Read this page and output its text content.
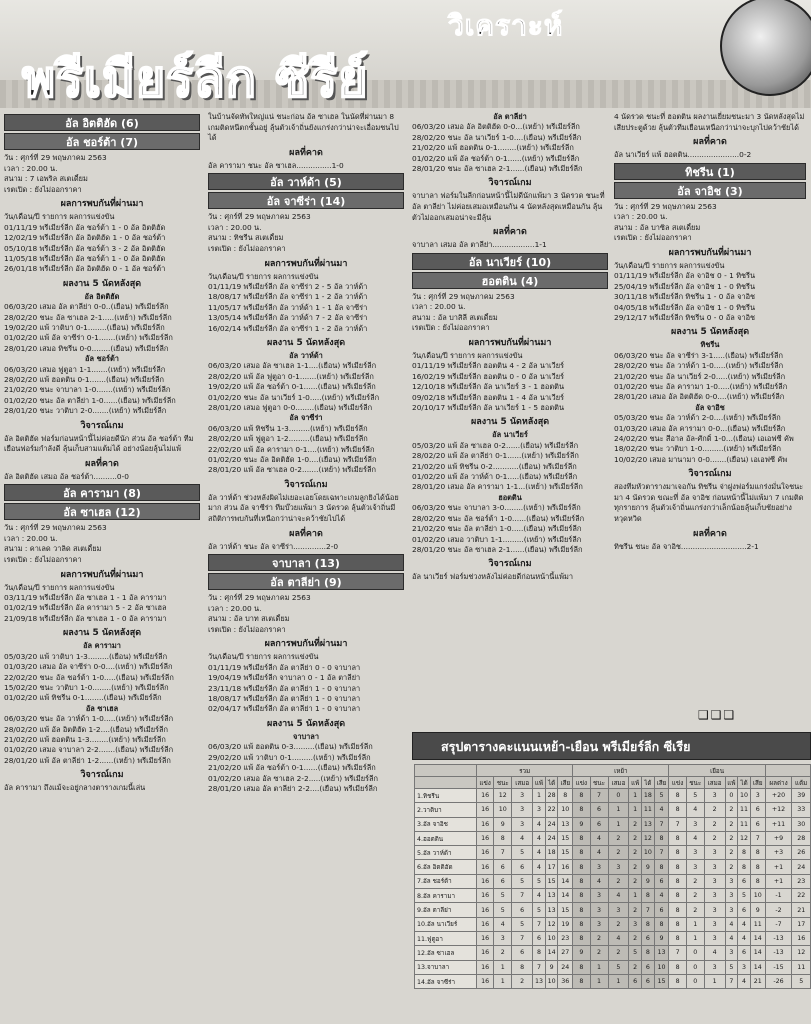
วิเคราะห์
พรีเมียร์ลีก ซีรีย์
อัล อิตติฮัด (6)
อัล ชอร์ต้า (7)
วัน : ศุกร์ที่ 29 พฤษภาคม 2563
เวลา : 20.00 น.
สนาม : 7 เอพริล สเตเดี้ยม
เรตเปิด : ยังไม่ออกราคา
ผลการพบกันที่ผ่านมา
วัน/เดือน/ปี รายการ ผลการแข่งขัน
01/11/19 พรีเมียร์ลีก อัล ชอร์ต้า 1 - 0 อัล อิตติฮัด
12/02/19 พรีเมียร์ลีก อัล อิตติฮัด 1 - 0 อัล ชอร์ต้า
05/10/18 พรีเมียร์ลีก อัล ชอร์ต้า 3 - 2 อัล อิตติฮัด
11/05/18 พรีเมียร์ลีก อัล ชอร์ต้า 1 - 0 อัล อิตติฮัด
26/01/18 พรีเมียร์ลีก อัล อิตติฮัด 0 - 1 อัล ชอร์ต้า
ผลงาน 5 นัดหลังสุด
อัล อิตติฮัด
06/03/20 เสมอ อัล ตาลีย่า 0-0..(เยือน) พรีเมียร์ลีก
28/02/20 ชนะ อัล ซาเฮล 2-1.....(เหย้า) พรีเมียร์ลีก
19/02/20 แพ้ วาติบา 0-1........(เยือน) พรีเมียร์ลีก
01/02/20 แพ้ อัล จาซีร่า 0-1.......(เหย้า) พรีเมียร์ลีก
28/01/20 เสมอ ทิชรีน 0-0........(เยือน) พรีเมียร์ลีก
อัล ชอร์ต้า
06/03/20 เสมอ ฟูตูอา 1-1.......(เหย้า) พรีเมียร์ลีก
28/02/20 แพ้ ฮอตติน 0-1.......(เยือน) พรีเมียร์ลีก
21/02/20 ชนะ จาบาลา 1-0.......(เหย้า) พรีเมียร์ลีก
01/02/20 ชนะ อัล ตาลีย่า 1-0......(เยือน) พรีเมียร์ลีก
28/01/20 ชนะ วาติบา 2-0.......(เหย้า) พรีเมียร์ลีก
วิจารณ์เกม
อัล อิตติฮัด ฟอร์มก่อนหน้านี้ไม่ค่อยดีนัก ส่วน อัล ชอร์ต้า ทีมเยือนฟอร์มกำลังดี ลุ้นเก็บสามแต้มได้ อย่างน้อยลุ้นไม่แพ้
ผลที่คาด
อัล อิตติฮัด เสมอ อัล ชอร์ต้า..........0-0
อัล คารามา (8)
อัล ซาเฮล (12)
วัน : ศุกร์ที่ 29 พฤษภาคม 2563
เวลา : 20.00 น.
สนาม : คาเลด วาลิด สเตเดี้ยม
เรตเปิด : ยังไม่ออกราคา
ผลการพบกันที่ผ่านมา
วัน/เดือน/ปี รายการ ผลการแข่งขัน
03/11/19 พรีเมียร์ลีก อัล ซาเฮล 1 - 1 อัล คารามา
01/02/19 พรีเมียร์ลีก อัล คารามา 5 - 2 อัล ซาเฮล
21/09/18 พรีเมียร์ลีก อัล ซาเฮล 1 - 0 อัล คารามา
ผลงาน 5 นัดหลังสุด
อัล คารามา
05/03/20 แพ้ วาติบา 1-3.........(เยือน) พรีเมียร์ลีก
01/03/20 เสมอ อัล จาซีร่า 0-0....(เหย้า) พรีเมียร์ลีก
22/02/20 ชนะ อัล ชอร์ต้า 1-0.....(เยือน) พรีเมียร์ลีก
15/02/20 ชนะ วาติบา 1-0........(เหย้า) พรีเมียร์ลีก
01/02/20 แพ้ ทิชรีน 0-1........(เยือน) พรีเมียร์ลีก
อัล ซาเฮล
06/03/20 ชนะ อัล วาห์ด้า 1-0.....(เหย้า) พรีเมียร์ลีก
28/02/20 แพ้ อัล อิตติฮัด 1-2....(เยือน) พรีเมียร์ลีก
21/02/20 แพ้ ฮอตติน 1-3........(เหย้า) พรีเมียร์ลีก
01/02/20 เสมอ จาบาลา 2-2.......(เยือน) พรีเมียร์ลีก
28/01/20 แพ้ อัล ตาลีย่า 1-2......(เหย้า) พรีเมียร์ลีก
วิจารณ์เกม
อัล คารามา ถึงแม้จะอยู่กลางตารางเกมนี้เล่น
ในบ้านจัดทัพใหญ่แน่ ชนะก่อน อัล ซาเฮล ในนัดที่ผ่านมา 8 เกมติดหนีตกชั้นอยู่ ลุ้นตัวเจ้าถิ่นยังแกร่งกว่าน่าจะเอื่อมชนไปได้
ผลที่คาด
อัล คารามา ชนะ อัล ซาเฮล...............1-0
อัล วาห์ด้า (5)
อัล จาซีร่า (14)
วัน : ศุกร์ที่ 29 พฤษภาคม 2563
เวลา : 20.00 น.
สนาม : ทิชรีน สเตเดี้ยม
เรตเปิด : ยังไม่ออกราคา
ผลการพบกันที่ผ่านมา
วัน/เดือน/ปี รายการ ผลการแข่งขัน
01/11/19 พรีเมียร์ลีก อัล จาซีร่า 2 - 5 อัล วาห์ด้า
18/08/17 พรีเมียร์ลีก อัล จาซีร่า 1 - 2 อัล วาห์ด้า
11/05/17 พรีเมียร์ลีก อัล วาห์ด้า 1 - 1 อัล จาซีร่า
13/05/14 พรีเมียร์ลีก อัล วาห์ด้า 7 - 2 อัล จาซีร่า
16/02/14 พรีเมียร์ลีก อัล จาซีร่า 1 - 2 อัล วาห์ด้า
ผลงาน 5 นัดหลังสุด
อัล วาห์ด้า
06/03/20 เสมอ อัล ซาเฮล 1-1....(เยือน) พรีเมียร์ลีก
28/02/20 แพ้ อัล ฟูตูอา 0-1.......(เหย้า) พรีเมียร์ลีก
19/02/20 แพ้ อัล ชอร์ต้า 0-1......(เยือน) พรีเมียร์ลีก
01/02/20 ชนะ อัล นาเวียร์ 1-0.....(เหย้า) พรีเมียร์ลีก
28/01/20 เสมอ ฟูตูอา 0-0........(เยือน) พรีเมียร์ลีก
อัล จาซีร่า
06/03/20 แพ้ ทิชรีน 1-3.........(เหย้า) พรีเมียร์ลีก
28/02/20 แพ้ ฟูตูอา 1-2.........(เยือน) พรีเมียร์ลีก
22/02/20 แพ้ อัล คารามา 0-1....(เหย้า) พรีเมียร์ลีก
01/02/20 ชนะ อัล อิตติฮัด 1-0....(เยือน) พรีเมียร์ลีก
28/01/20 แพ้ อัล ซาเฮล 0-2.......(เหย้า) พรีเมียร์ลีก
วิจารณ์เกม
อัล วาห์ด้า ช่วงหลังผิดไม่เยอะเอยโดยเฉพาะเกมลูกยิงได้น้อยมาก ส่วน อัล จาซีร่า ทีมบ๊วยแพ้มา 3 นัดรวด ลุ้นตัวเจ้าถิ่นมีสถิติการพบกันที่เหนือกว่าน่าจะคว้าชัยไปได้
ผลที่คาด
อัล วาห์ด้า ชนะ อัล จาซีร่า..............2-0
จาบาลา (13)
อัล ตาลีย่า (9)
วัน : ศุกร์ที่ 29 พฤษภาคม 2563
เวลา : 20.00 น.
สนาม : อัล บาท สเตเดี้ยม
เรตเปิด : ยังไม่ออกราคา
ผลการพบกันที่ผ่านมา
วัน/เดือน/ปี รายการ ผลการแข่งขัน
01/11/19 พรีเมียร์ลีก อัล ตาลีย่า 0 - 0 จาบาลา
19/04/19 พรีเมียร์ลีก จาบาลา 0 - 1 อัล ตาลีย่า
23/11/18 พรีเมียร์ลีก อัล ตาลีย่า 1 - 0 จาบาลา
18/08/17 พรีเมียร์ลีก อัล ตาลีย่า 1 - 0 จาบาลา
02/04/17 พรีเมียร์ลีก อัล ตาลีย่า 1 - 0 จาบาลา
ผลงาน 5 นัดหลังสุด
จาบาลา
06/03/20 แพ้ ฮอตติน 0-3.........(เยือน) พรีเมียร์ลีก
29/02/20 แพ้ วาติบา 0-1.........(เหย้า) พรีเมียร์ลีก
21/02/20 แพ้ อัล ชอร์ต้า 0-1......(เยือน) พรีเมียร์ลีก
01/02/20 เสมอ อัล ซาเฮล 2-2.....(เหย้า) พรีเมียร์ลีก
28/01/20 เสมอ อัล ตาลีย่า 2-2....(เยือน) พรีเมียร์ลีก
อัล ตาลีย่า
06/03/20 เสมอ อัล อิตติฮัด 0-0...(เหย้า) พรีเมียร์ลีก
28/02/20 ชนะ อัล นาเวียร์ 1-0....(เยือน) พรีเมียร์ลีก
21/02/20 แพ้ ฮอตติน 0-1........(เหย้า) พรีเมียร์ลีก
01/02/20 แพ้ อัล ชอร์ต้า 0-1......(เหย้า) พรีเมียร์ลีก
28/01/20 ชนะ อัล ซาเฮล 2-1......(เยือน) พรีเมียร์ลีก
วิจารณ์เกม
จาบาลา ฟอร์มในลีกก่อนหน้านี้ไม่ดีนักแพ้มา 3 นัดรวด ชนะที่ อัล ตาลีย่า ไม่ค่อยเสมอเหมือนกัน 4 นัดหลังสุดเหมือนกัน ลุ้นตัวไม่ออกเสมอน่าจะมีลุ้น
ผลที่คาด
จาบาลา เสมอ อัล ตาลีย่า..................1-1
อัล นาเวียร์ (10)
ฮอตติน (4)
วัน : ศุกร์ที่ 29 พฤษภาคม 2563
เวลา : 20.00 น.
สนาม : อัล บาสิลี สเตเดี้ยม
เรตเปิด : ยังไม่ออกราคา
ผลการพบกันที่ผ่านมา
วัน/เดือน/ปี รายการ ผลการแข่งขัน
01/11/19 พรีเมียร์ลีก ฮอตติน 4 - 2 อัล นาเวียร์
16/02/19 พรีเมียร์ลีก ฮอตติน 0 - 0 อัล นาเวียร์
12/10/18 พรีเมียร์ลีก อัล นาเวียร์ 3 - 1 ฮอตติน
09/02/18 พรีเมียร์ลีก ฮอตติน 1 - 4 อัล นาเวียร์
20/10/17 พรีเมียร์ลีก อัล นาเวียร์ 1 - 5 ฮอตติน
ผลงาน 5 นัดหลังสุด
อัล นาเวียร์
05/03/20 แพ้ อัล ซาเฮล 0-2......(เยือน) พรีเมียร์ลีก
28/02/20 แพ้ อัล ตาลีย่า 0-1......(เหย้า) พรีเมียร์ลีก
21/02/20 แพ้ ทิชรีน 0-2...........(เยือน) พรีเมียร์ลีก
01/02/20 แพ้ อัล วาห์ด้า 0-1.....(เยือน) พรีเมียร์ลีก
28/01/20 เสมอ อัล คารามา 1-1...(เหย้า) พรีเมียร์ลีก
ฮอตติน
06/03/20 ชนะ จาบาลา 3-0........(เหย้า) พรีเมียร์ลีก
28/02/20 ชนะ อัล ชอร์ต้า 1-0......(เยือน) พรีเมียร์ลีก
21/02/20 ชนะ อัล ตาลีย่า 1-0.....(เยือน) พรีเมียร์ลีก
01/02/20 เสมอ วาติบา 1-1.........(เหย้า) พรีเมียร์ลีก
28/01/20 ชนะ อัล ซาเฮล 2-1......(เยือน) พรีเมียร์ลีก
วิจารณ์เกม
อัล นาเวียร์ ฟอร์มช่วงหลังไม่ค่อยดีก่อนหน้านี้แพ้มา
4 นัดรวด ชนะที่ ฮอตติน ผลงานเยี่ยมชนะมา 3 นัดหลังสุดไม่เสียประตูด้วย ลุ้นตัวทีมเยือนเหนือกว่าน่าจะบุกไปคว้าชัยได้
ผลที่คาด
อัล นาเวียร์ แพ้ ฮอตติน......................0-2
ทิชรีน (1)
อัล จาอิช (3)
วัน : ศุกร์ที่ 29 พฤษภาคม 2563
เวลา : 20.00 น.
สนาม : อัล บาซิล สเตเดี้ยม
เรตเปิด : ยังไม่ออกราคา
ผลการพบกันที่ผ่านมา
วัน/เดือน/ปี รายการ ผลการแข่งขัน
01/11/19 พรีเมียร์ลีก อัล จาอิช 0 - 1 ทิชรีน
25/04/19 พรีเมียร์ลีก อัล จาอิช 1 - 0 ทิชรีน
30/11/18 พรีเมียร์ลีก ทิชรีน 1 - 0 อัล จาอิช
04/05/18 พรีเมียร์ลีก อัล จาอิช 1 - 0 ทิชรีน
29/12/17 พรีเมียร์ลีก ทิชรีน 0 - 0 อัล จาอิช
ผลงาน 5 นัดหลังสุด
ทิชรีน
06/03/20 ชนะ อัล จาซีร่า 3-1.....(เยือน) พรีเมียร์ลีก
28/02/20 ชนะ อัล วาห์ด้า 1-0.....(เหย้า) พรีเมียร์ลีก
21/02/20 ชนะ อัล นาเวียร์ 2-0.....(เหย้า) พรีเมียร์ลีก
01/02/20 ชนะ อัล คารามา 1-0.....(เหย้า) พรีเมียร์ลีก
28/01/20 เสมอ อัล อิตติฮัด 0-0....(เหย้า) พรีเมียร์ลีก
อัล จาอิช
05/03/20 ชนะ อัล วาห์ด้า 2-0....(เหย้า) พรีเมียร์ลีก
01/03/20 เสมอ อัล คารามา 0-0...(เยือน) พรีเมียร์ลีก
24/02/20 ชนะ สีอาล อัล-ศักดิ์ 1-0...(เยือน) เอเอฟซี คัพ
18/02/20 ชนะ วาติบา 1-0.........(เหย้า) พรีเมียร์ลีก
10/02/20 เสมอ มานามา 0-0.......(เยือน) เอเอฟซี คัพ
วิจารณ์เกม
สองทีมหัวตารางมาเจอกัน ทิชรีน จ่าฝูงฟอร์มแกร่งมั่นใจชนะมา 4 นัดรวด ขณะที่ อัล จาอิช ก่อนหน้านี้ไม่แพ้มา 7 เกมติดทุกรายการ ลุ้นตัวเจ้าถิ่นแกร่งกว่าเล็กน้อยลุ้นเก็บชัยอย่างหวุดหวิด
ผลที่คาด
ทิชรีน ชนะ อัล จาอิช............................2-1
❑❑❑
สรุปตารางคะแนนเหย้า-เยือน พรีเมียร์ลีก ซีเรีย
	รวม						เหย้า						เยือน							
	แข่ง	ชนะ	เสมอ	แพ้	ได้	เสีย	แข่ง	ชนะ	เสมอ	แพ้	ได้	เสีย	แข่ง	ชนะ	เสมอ	แพ้	ได้	เสีย	ผลต่าง	แต้ม
1.ทิชรีน	16	12	3	1	28	8	8	7	0	1	18	5	8	5	3	0	10	3	+20	39
2.วาติบา	16	10	3	3	22	10	8	6	1	1	11	4	8	4	2	2	11	6	+12	33
3.อัล จาอิช	16	9	3	4	24	13	9	6	1	2	13	7	7	3	2	2	11	6	+11	30
4.ฮอตติน	16	8	4	4	24	15	8	4	2	2	12	8	8	4	2	2	12	7	+9	28
5.อัล วาห์ด้า	16	7	5	4	18	15	8	4	2	2	10	7	8	3	3	2	8	8	+3	26
6.อัล อิตติฮัด	16	6	6	4	17	16	8	3	3	2	9	8	8	3	3	2	8	8	+1	24
7.อัล ชอร์ต้า	16	6	5	5	15	14	8	4	2	2	9	6	8	2	3	3	6	8	+1	23
8.อัล คารามา	16	5	7	4	13	14	8	3	4	1	8	4	8	2	3	3	5	10	-1	22
9.อัล ตาลีย่า	16	5	6	5	13	15	8	3	3	2	7	6	8	2	3	3	6	9	-2	21
10.อัล นาเวียร์	16	4	5	7	12	19	8	3	2	3	8	8	8	1	3	4	4	11	-7	17
11.ฟูตูอา	16	3	7	6	10	23	8	2	4	2	6	9	8	1	3	4	4	14	-13	16
12.อัล ซาเฮล	16	2	6	8	14	27	9	2	2	5	8	13	7	0	4	3	6	14	-13	12
13.จาบาลา	16	1	8	7	9	24	8	1	5	2	6	10	8	0	3	5	3	14	-15	11
14.อัล จาซีร่า	16	1	2	13	10	36	8	1	1	6	6	15	8	0	1	7	4	21	-26	5
